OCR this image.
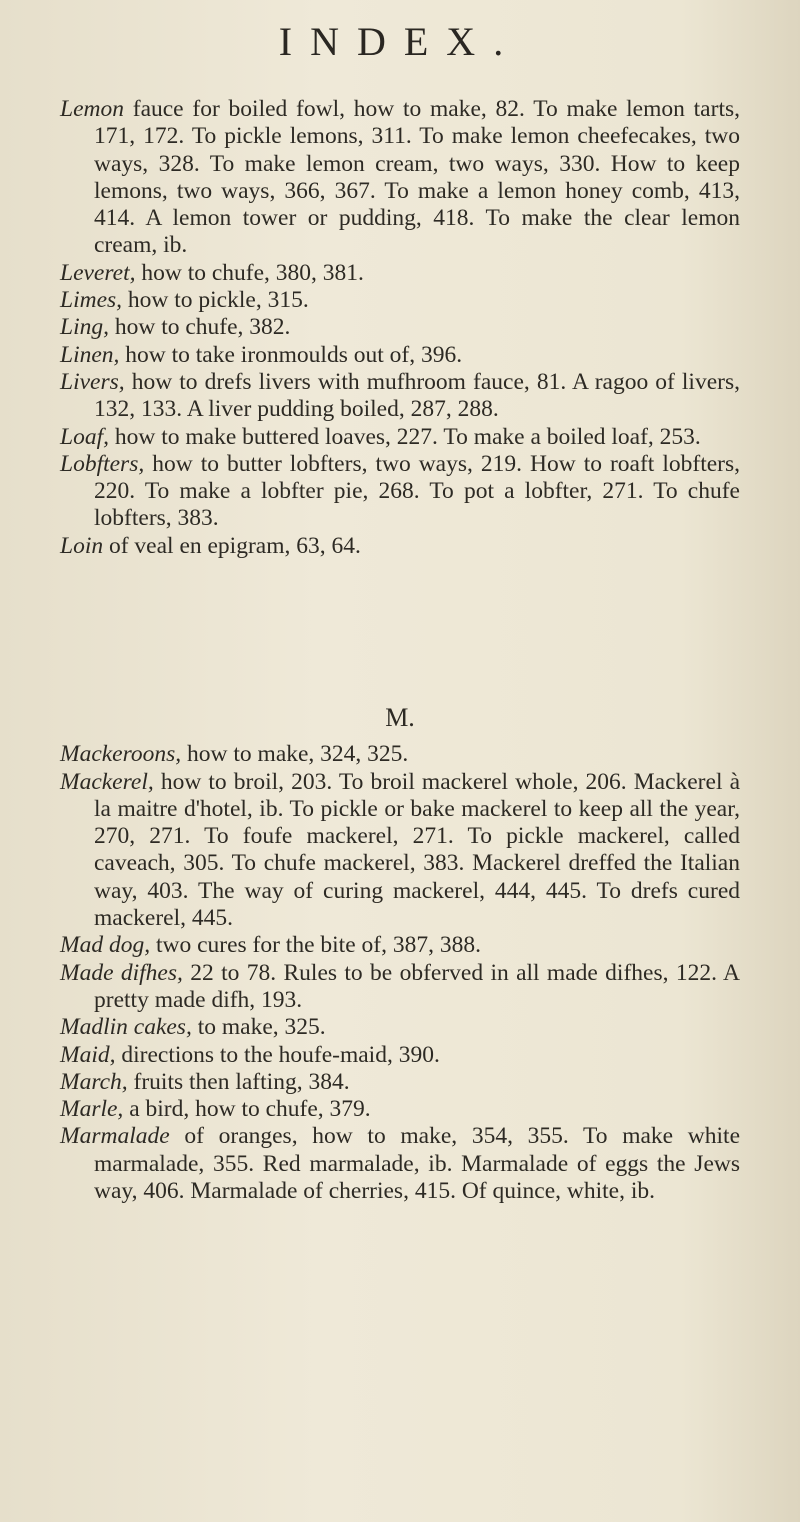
INDEX.

Lemon fauce for boiled fowl, how to make, 82. To make lemon tarts, 171, 172. To pickle lemons, 311. To make lemon cheefecakes, two ways, 328. To make lemon cream, two ways, 330. How to keep lemons, two ways, 366, 367. To make a lemon honey comb, 413, 414. A lemon tower or pudding, 418. To make the clear lemon cream, ib.

Leveret, how to chufe, 380, 381.

Limes, how to pickle, 315.

Ling, how to chufe, 382.

Linen, how to take ironmoulds out of, 396.

Livers, how to drefs livers with mufhroom fauce, 81. A ragoo of livers, 132, 133. A liver pudding boiled, 287, 288.

Loaf, how to make buttered loaves, 227. To make a boiled loaf, 253.

Lobfters, how to butter lobfters, two ways, 219. How to roaft lobfters, 220. To make a lobfter pie, 268. To pot a lobfter, 271. To chufe lobfters, 383.

Loin of veal en epigram, 63, 64.

M.

Mackeroons, how to make, 324, 325.

Mackerel, how to broil, 203. To broil mackerel whole, 206. Mackerel à la maitre d'hotel, ib. To pickle or bake mackerel to keep all the year, 270, 271. To foufe mackerel, 271. To pickle mackerel, called caveach, 305. To chufe mackerel, 383. Mackerel dreffed the Italian way, 403. The way of curing mackerel, 444, 445. To drefs cured mackerel, 445.

Mad dog, two cures for the bite of, 387, 388.

Made difhes, 22 to 78. Rules to be obferved in all made difhes, 122. A pretty made difh, 193.

Madlin cakes, to make, 325.

Maid, directions to the houfe-maid, 390.

March, fruits then lafting, 384.

Marle, a bird, how to chufe, 379.

Marmalade of oranges, how to make, 354, 355. To make white marmalade, 355. Red marmalade, ib. Marmalade of eggs the Jews way, 406. Marmalade of cherries, 415. Of quince, white, ib.
